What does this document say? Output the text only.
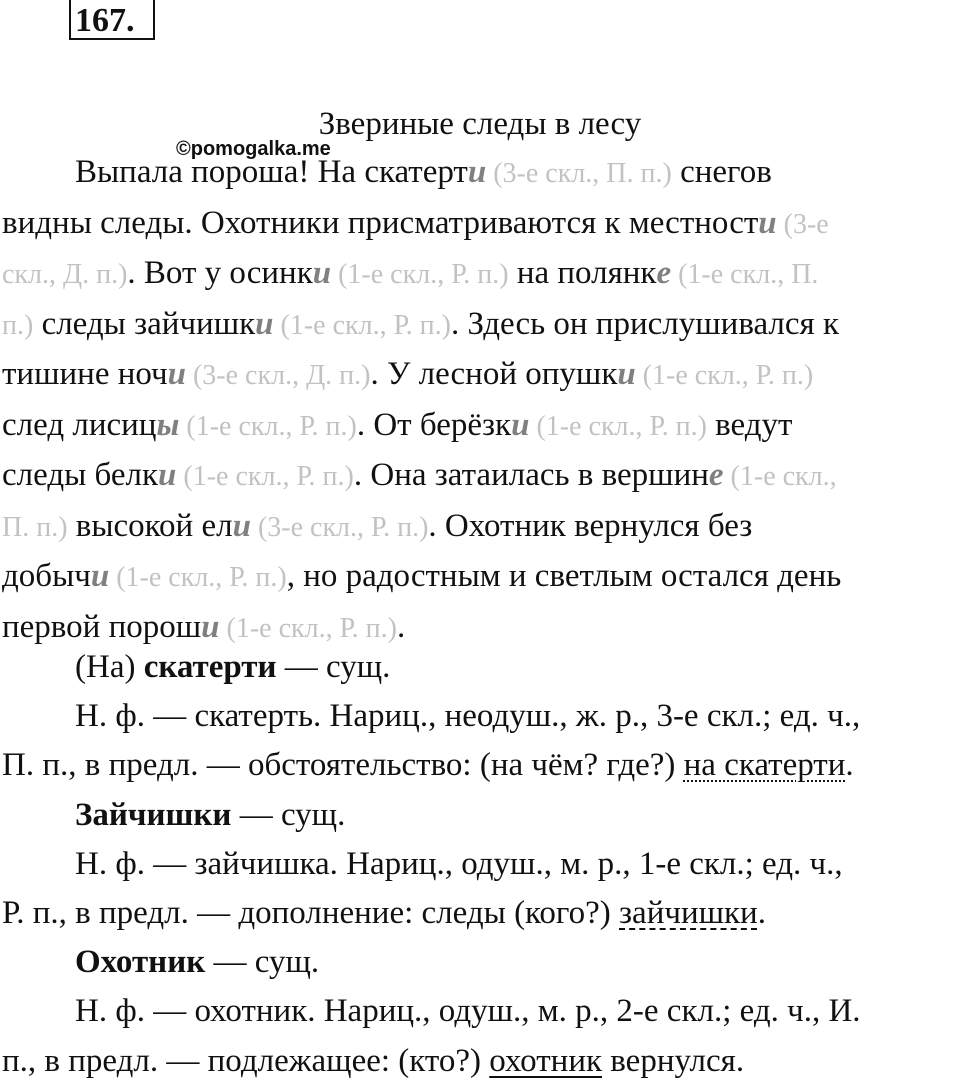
167.
Звериные следы в лесу
©pomogalka.me
Выпала пороша! На скатерти (3-е скл., П. п.) снегов
видны следы. Охотники присматриваются к местности (3-е
скл., Д. п.). Вот у осинки (1-е скл., Р. п.) на полянке (1-е скл., П.
п.) следы зайчишки (1-е скл., Р. п.). Здесь он прислушивался к
тишине ночи (3-е скл., Д. п.). У лесной опушки (1-е скл., Р. п.)
след лисицы (1-е скл., Р. п.). От берёзки (1-е скл., Р. п.) ведут
следы белки (1-е скл., Р. п.). Она затаилась в вершине (1-е скл.,
П. п.) высокой ели (3-е скл., Р. п.). Охотник вернулся без
добычи (1-е скл., Р. п.), но радостным и светлым остался день
первой пороши (1-е скл., Р. п.).
(На) скатерти — сущ.
Н. ф. — скатерть. Нариц., неодуш., ж. р., 3-е скл.; ед. ч.,
П. п., в предл. — обстоятельство: (на чём? где?) на скатерти.
Зайчишки — сущ.
Н. ф. — зайчишка. Нариц., одуш., м. р., 1-е скл.; ед. ч.,
Р. п., в предл. — дополнение: следы (кого?) зайчишки.
Охотник — сущ.
Н. ф. — охотник. Нариц., одуш., м. р., 2-е скл.; ед. ч., И.
п., в предл. — подлежащее: (кто?) охотник вернулся.
